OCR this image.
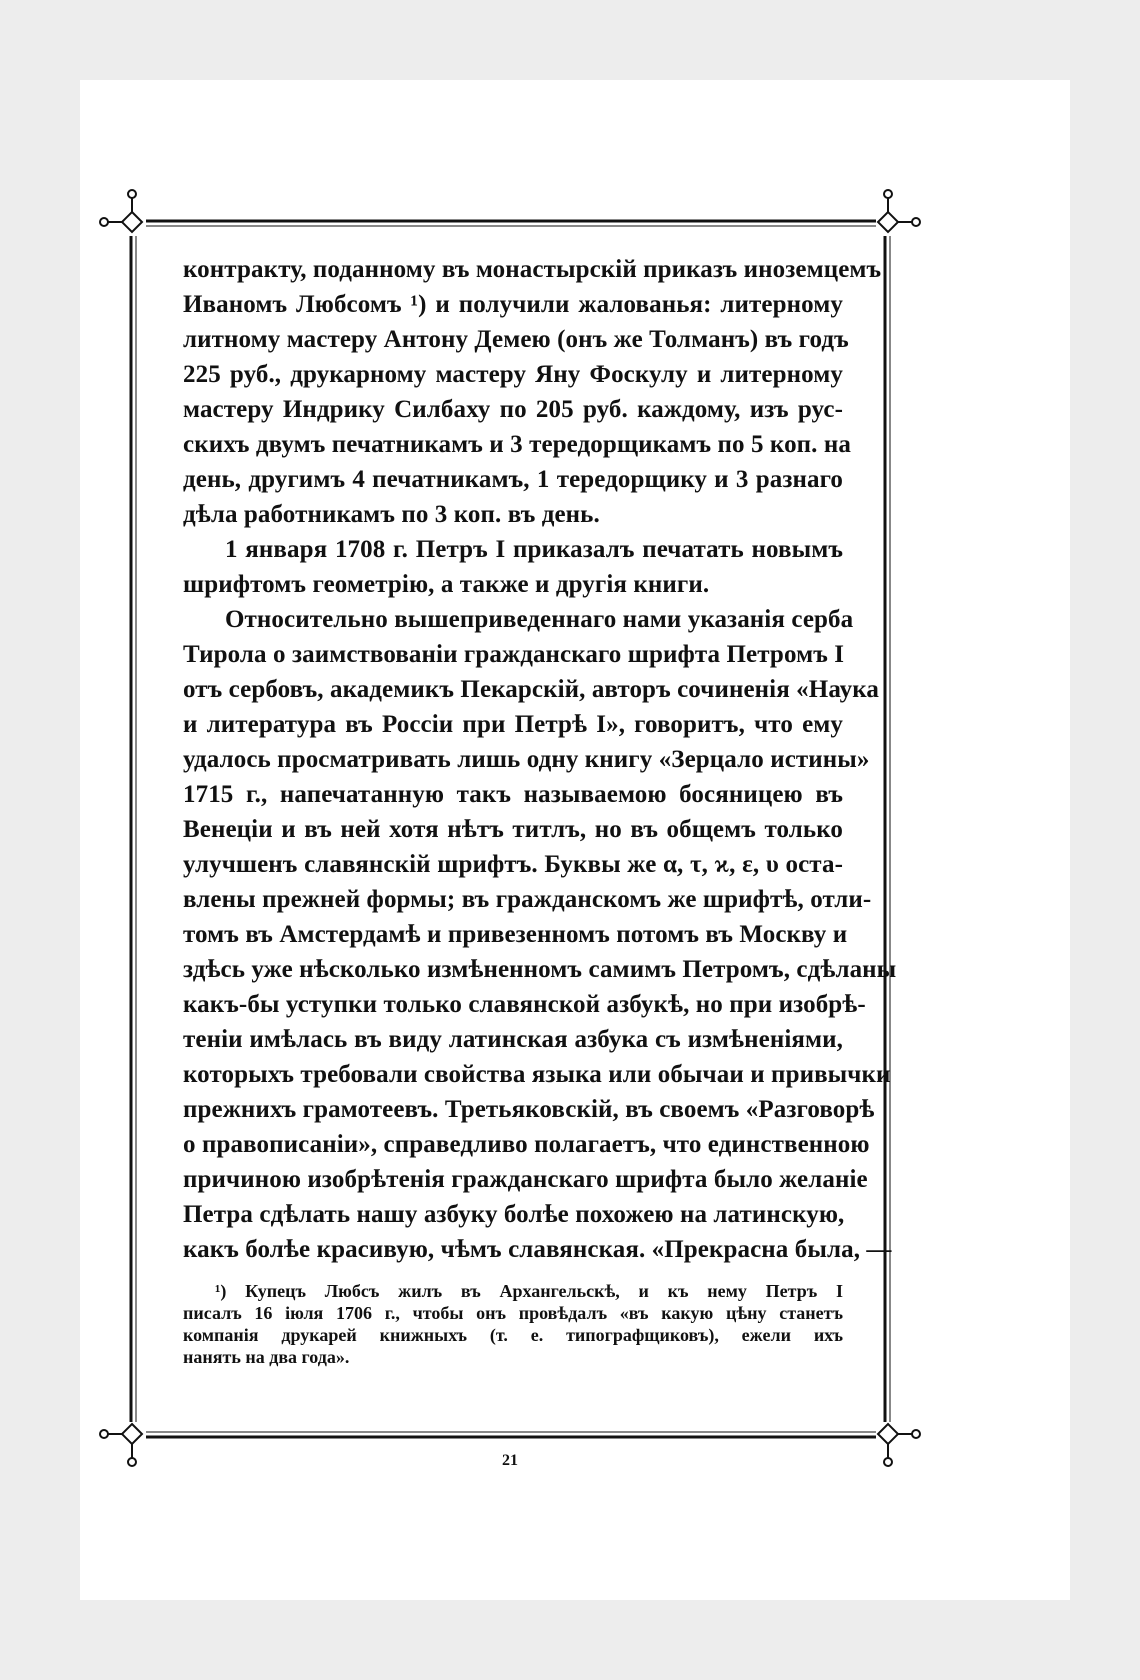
контракту, поданному въ монастырскій приказъ иноземцемъ
Иваномъ Любсомъ ¹) и получили жалованья: литерному
литному мастеру Антону Демею (онъ же Толманъ) въ годъ
225 руб., друкарному мастеру Яну Фоскулу и литерному
мастеру Индрику Силбаху по 205 руб. каждому, изъ рус-
скихъ двумъ печатникамъ и 3 тередорщикамъ по 5 коп. на
день, другимъ 4 печатникамъ, 1 тередорщику и 3 разнаго
дѣла работникамъ по 3 коп. въ день.
1 января 1708 г. Петръ I приказалъ печатать новымъ
шрифтомъ геометрію, а также и другія книги.
Относительно вышеприведеннаго нами указанія серба
Тирола о заимствованіи гражданскаго шрифта Петромъ I
отъ сербовъ, академикъ Пекарскій, авторъ сочиненія «Наука
и литература въ Россіи при Петрѣ I», говоритъ, что ему
удалось просматривать лишь одну книгу «Зерцало истины»
1715 г., напечатанную такъ называемою босяницею въ
Венеціи и въ ней хотя нѣтъ титлъ, но въ общемъ только
улучшенъ славянскій шрифтъ. Буквы же α, τ, ϰ, ε, υ оста-
влены прежней формы; въ гражданскомъ же шрифтѣ, отли-
томъ въ Амстердамѣ и привезенномъ потомъ въ Москву и
здѣсь уже нѣсколько измѣненномъ самимъ Петромъ, сдѣланы
какъ-бы уступки только славянской азбукѣ, но при изобрѣ-
теніи имѣлась въ виду латинская азбука съ измѣненіями,
которыхъ требовали свойства языка или обычаи и привычки
прежнихъ грамотеевъ. Третьяковскій, въ своемъ «Разговорѣ
о правописаніи», справедливо полагаетъ, что единственною
причиною изобрѣтенія гражданскаго шрифта было желаніе
Петра сдѣлать нашу азбуку болѣе похожею на латинскую,
какъ болѣе красивую, чѣмъ славянская. «Прекрасна была, —
¹) Купецъ Любсъ жилъ въ Архангельскѣ, и къ нему Петръ I
писалъ 16 іюля 1706 г., чтобы онъ провѣдалъ «въ какую цѣну станетъ
компанія друкарей книжныхъ (т. е. типографщиковъ), ежели ихъ
нанять на два года».
21
